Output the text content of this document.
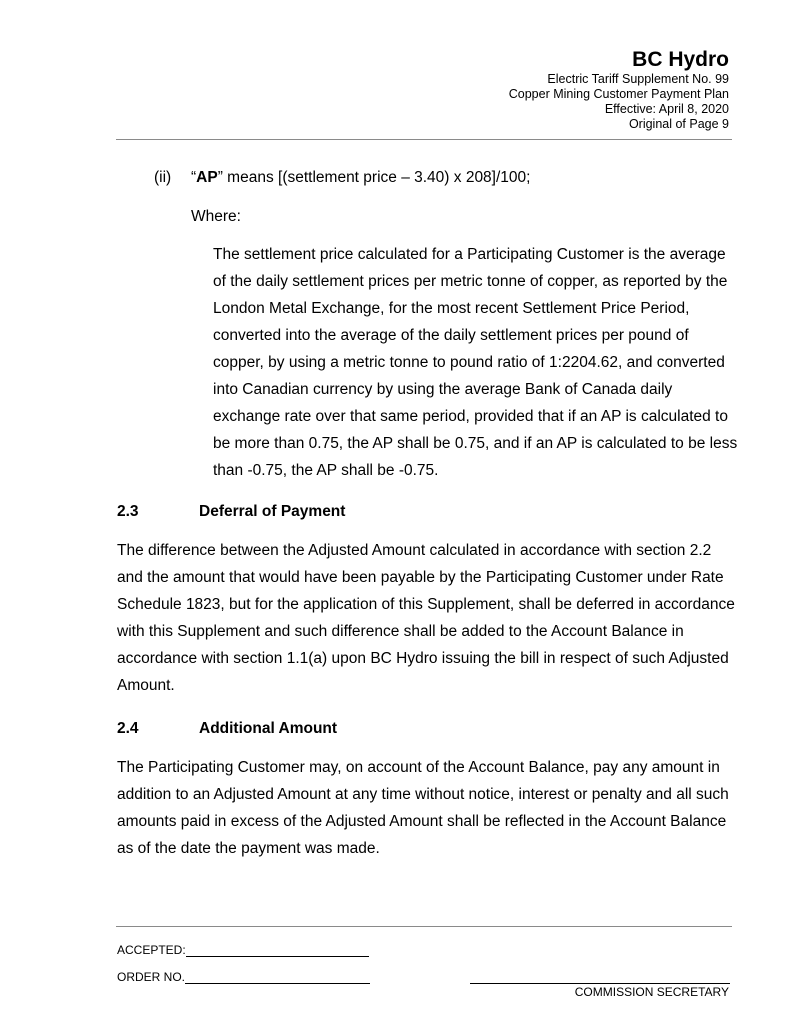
BC Hydro
Electric Tariff Supplement No. 99
Copper Mining Customer Payment Plan
Effective: April 8, 2020
Original of Page 9
(ii) “AP” means [(settlement price – 3.40) x 208]/100;
Where:
The settlement price calculated for a Participating Customer is the average of the daily settlement prices per metric tonne of copper, as reported by the London Metal Exchange, for the most recent Settlement Price Period, converted into the average of the daily settlement prices per pound of copper, by using a metric tonne to pound ratio of 1:2204.62, and converted into Canadian currency by using the average Bank of Canada daily exchange rate over that same period, provided that if an AP is calculated to be more than 0.75, the AP shall be 0.75, and if an AP is calculated to be less than -0.75, the AP shall be -0.75.
2.3	Deferral of Payment
The difference between the Adjusted Amount calculated in accordance with section 2.2 and the amount that would have been payable by the Participating Customer under Rate Schedule 1823, but for the application of this Supplement, shall be deferred in accordance with this Supplement and such difference shall be added to the Account Balance in accordance with section 1.1(a) upon BC Hydro issuing the bill in respect of such Adjusted Amount.
2.4	Additional Amount
The Participating Customer may, on account of the Account Balance, pay any amount in addition to an Adjusted Amount at any time without notice, interest or penalty and all such amounts paid in excess of the Adjusted Amount shall be reflected in the Account Balance as of the date the payment was made.
ACCEPTED:
ORDER NO.
COMMISSION SECRETARY
